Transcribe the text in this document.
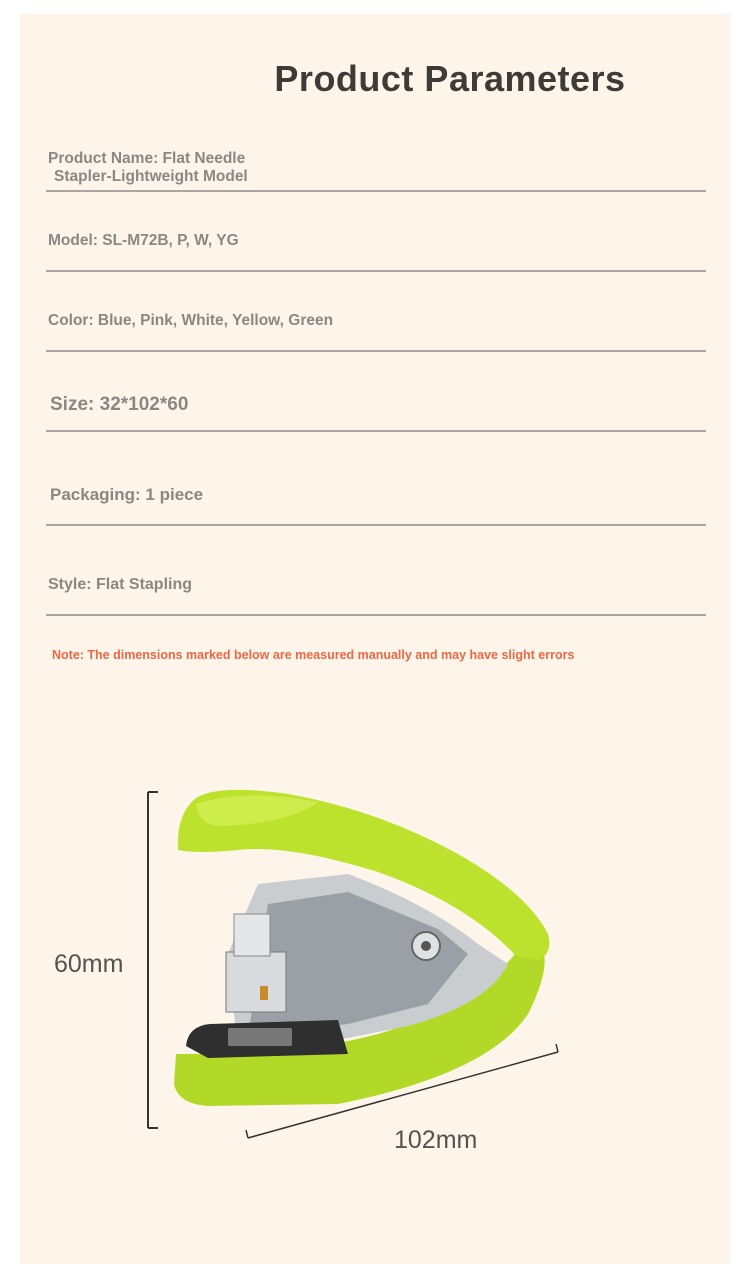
Product Parameters
Product Name: Flat Needle
Stapler-Lightweight Model
Model: SL-M72B, P, W, YG
Color: Blue, Pink, White, Yellow, Green
Size: 32*102*60
Packaging: 1 piece
Style: Flat Stapling
Note: The dimensions marked below are measured manually and may have slight errors
60mm
102mm
